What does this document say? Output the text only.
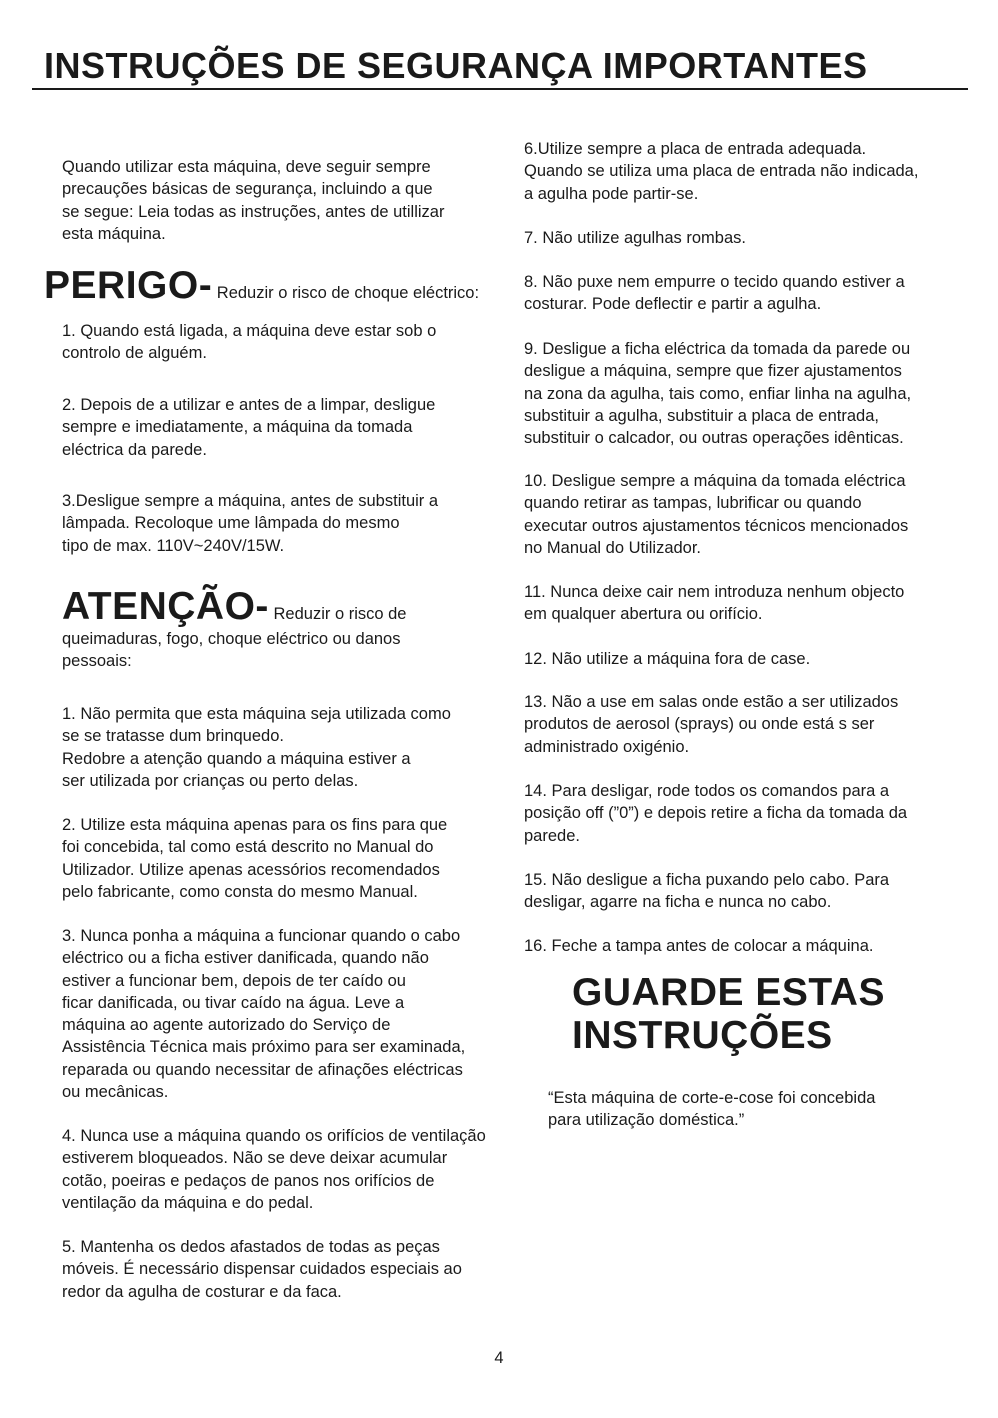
INSTRUÇÕES DE SEGURANÇA IMPORTANTES

Quando utilizar esta máquina, deve seguir sempre
precauções básicas de segurança, incluindo a que
se segue: Leia todas as instruções, antes de utillizar
esta máquina.

PERIGO- Reduzir o risco de choque eléctrico:

1. Quando está ligada, a máquina deve estar sob o
controlo de alguém.

2. Depois de a utilizar e antes de a limpar, desligue
sempre e imediatamente, a máquina da tomada
eléctrica da parede.

3.Desligue sempre a máquina, antes de substituir a
lâmpada. Recoloque ume lâmpada do mesmo
tipo de max. 110V~240V/15W.

ATENÇÃO- Reduzir o risco de

queimaduras, fogo, choque eléctrico ou danos
pessoais:

1. Não permita que esta máquina seja utilizada como
se se tratasse dum brinquedo.
Redobre a atenção quando a máquina estiver a
ser utilizada por crianças ou perto delas.

2. Utilize esta máquina apenas para os fins para que
foi concebida, tal como está descrito no Manual do
Utilizador. Utilize apenas acessórios recomendados
pelo fabricante, como consta do mesmo Manual.

3. Nunca ponha a máquina a funcionar quando o cabo
eléctrico ou a ficha estiver danificada, quando não
estiver a funcionar bem, depois de ter caído ou
ficar danificada, ou tivar caído na água. Leve a
máquina ao agente autorizado do Serviço de
Assistência Técnica mais próximo para ser examinada,
reparada ou quando necessitar de afinações eléctricas
ou mecânicas.

4. Nunca use a máquina quando os orifícios de ventilação
estiverem bloqueados. Não se deve deixar acumular
cotão, poeiras e pedaços de panos nos orifícios de
ventilação da máquina e do pedal.

5. Mantenha os dedos afastados de todas as peças
móveis. É necessário dispensar cuidados especiais ao
redor da agulha de costurar e da faca.

6.Utilize sempre a placa de entrada adequada.
Quando se utiliza uma placa de entrada não indicada,
a agulha pode partir-se.

7. Não utilize agulhas rombas.

8. Não puxe nem empurre o tecido quando estiver a
costurar. Pode deflectir e partir a agulha.

9. Desligue a ficha eléctrica da tomada da parede ou
desligue a máquina, sempre que fizer ajustamentos
na zona da agulha, tais como, enfiar linha na agulha,
substituir a agulha, substituir a placa de entrada,
substituir o calcador, ou outras operações idênticas.

10. Desligue sempre a máquina da tomada eléctrica
quando retirar as tampas, lubrificar ou quando
executar outros ajustamentos técnicos mencionados
no Manual do Utilizador.

11. Nunca deixe cair nem introduza nenhum objecto
em qualquer abertura ou orifício.

12. Não utilize a máquina fora de case.

13. Não a use em salas onde estão a ser utilizados
produtos de aerosol (sprays) ou onde está s ser
administrado oxigénio.

14. Para desligar, rode todos os comandos para a
posição off (”0”) e depois retire a ficha da tomada da
parede.

15. Não desligue a ficha puxando pelo cabo. Para
desligar, agarre na ficha e nunca no cabo.

16. Feche a tampa antes de colocar a máquina.

GUARDE ESTAS
INSTRUÇÕES

“Esta máquina de corte-e-cose foi concebida
para utilização doméstica.”

4
